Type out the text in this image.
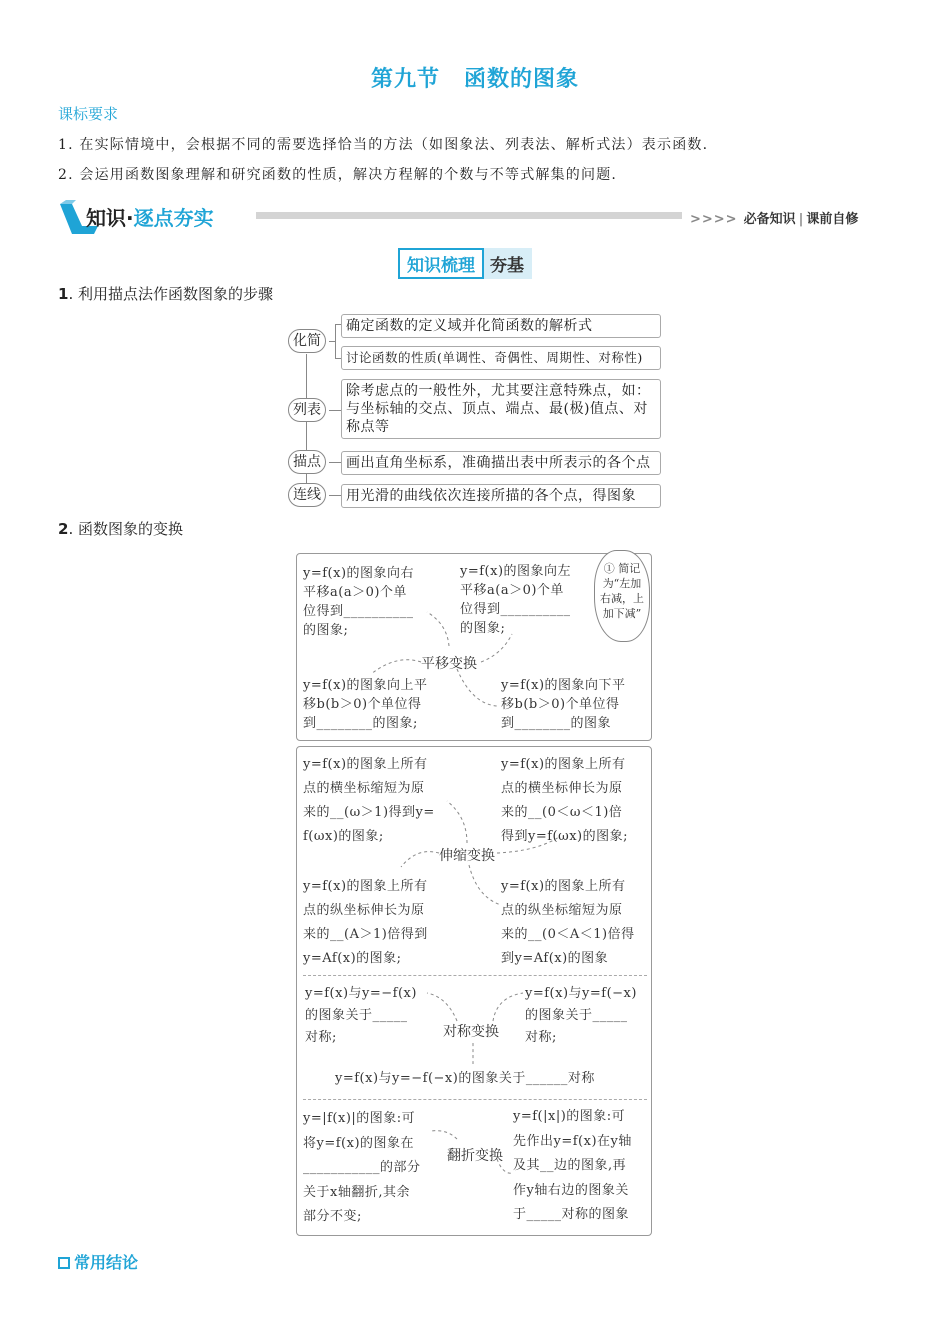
第九节 函数的图象
课标要求
1. 在实际情境中，会根据不同的需要选择恰当的方法（如图象法、列表法、解析式法）表示函数.
2. 会运用函数图象理解和研究函数的性质，解决方程解的个数与不等式解集的问题.
知识·逐点夯实	>>>> 必备知识 | 课前自修
知识梳理 夯基
1. 利用描点法作函数图象的步骤
化简
列表
描点
连线
确定函数的定义域并化简函数的解析式
讨论函数的性质(单调性、奇偶性、周期性、对称性)
除考虑点的一般性外，尤其要注意特殊点，如：与坐标轴的交点、顶点、端点、最(极)值点、对称点等
画出直角坐标系，准确描出表中所表示的各个点
用光滑的曲线依次连接所描的各个点，得图象
2. 函数图象的变换
y=f(x)的图象向右
平移a(a＞0)个单
位得到__________
的图象;
y=f(x)的图象向左
平移a(a＞0)个单
位得到__________
的图象;
平移变换
y=f(x)的图象向上平
移b(b＞0)个单位得
到________的图象;
y=f(x)的图象向下平
移b(b＞0)个单位得
到________的图象
① 简记 为“左加 右减，上 加下减”
y=f(x)的图象上所有
点的横坐标缩短为原
来的__(ω＞1)得到y=
f(ωx)的图象;
y=f(x)的图象上所有
点的横坐标伸长为原
来的__(0＜ω＜1)倍
得到y=f(ωx)的图象;
伸缩变换
y=f(x)的图象上所有
点的纵坐标伸长为原
来的__(A＞1)倍得到
y=Af(x)的图象;
y=f(x)的图象上所有
点的纵坐标缩短为原
来的__(0＜A＜1)倍得
到y=Af(x)的图象
y=f(x)与y=−f(x)
的图象关于_____
对称;	对称变换
y=f(x)与y=f(−x)
的图象关于_____
对称;
y=f(x)与y=−f(−x)的图象关于______对称
y=|f(x)|的图象:可
将y=f(x)的图象在
___________的部分
关于x轴翻折,其余
部分不变;
翻折变换
y=f(|x|)的图象:可
先作出y=f(x)在y轴
及其__边的图象,再
作y轴右边的图象关
于_____对称的图象
常用结论
